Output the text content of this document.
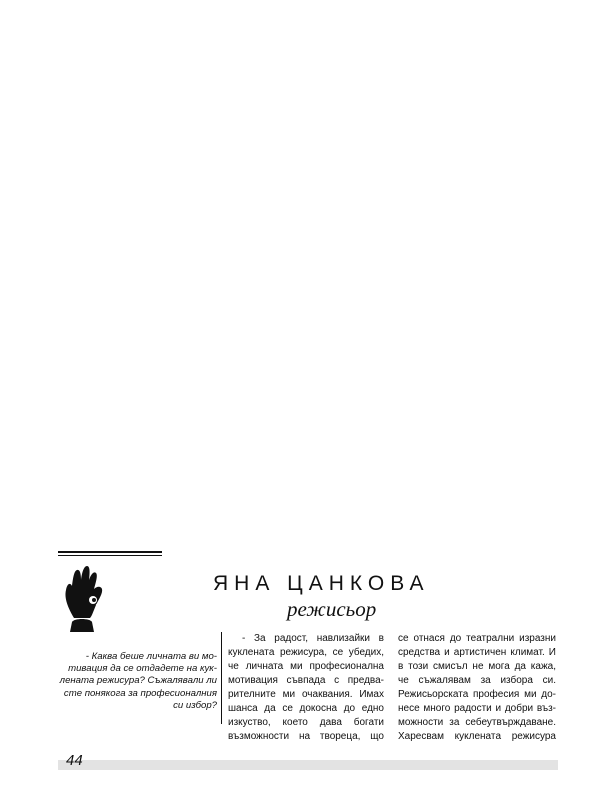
ЯНА ЦАНКОВА
режисьор
- Каква беше личната ви мо-
тивация да се отдадете на кук-
лената режисура? Съжалявали ли
сте понякога за професионалния
си избор?
- За радост, навлизайки в
кукленатa режисура, се убедих,
че личната ми професионална
мотивация съвпада с предва-
рителните ми очаквания. Имах
шанса да се докосна до едно
изкуство, което дава богати
възможности на твореца, що
се отнася до театрални изразни
средства и артистичен климат. И
в този смисъл не мога да кажа,
че съжалявам за избора си.
Режисьорската професия ми до-
несе много радости и добри въз-
можности за себеутвърждаване.
Харесвам кукленатa режисура
44
